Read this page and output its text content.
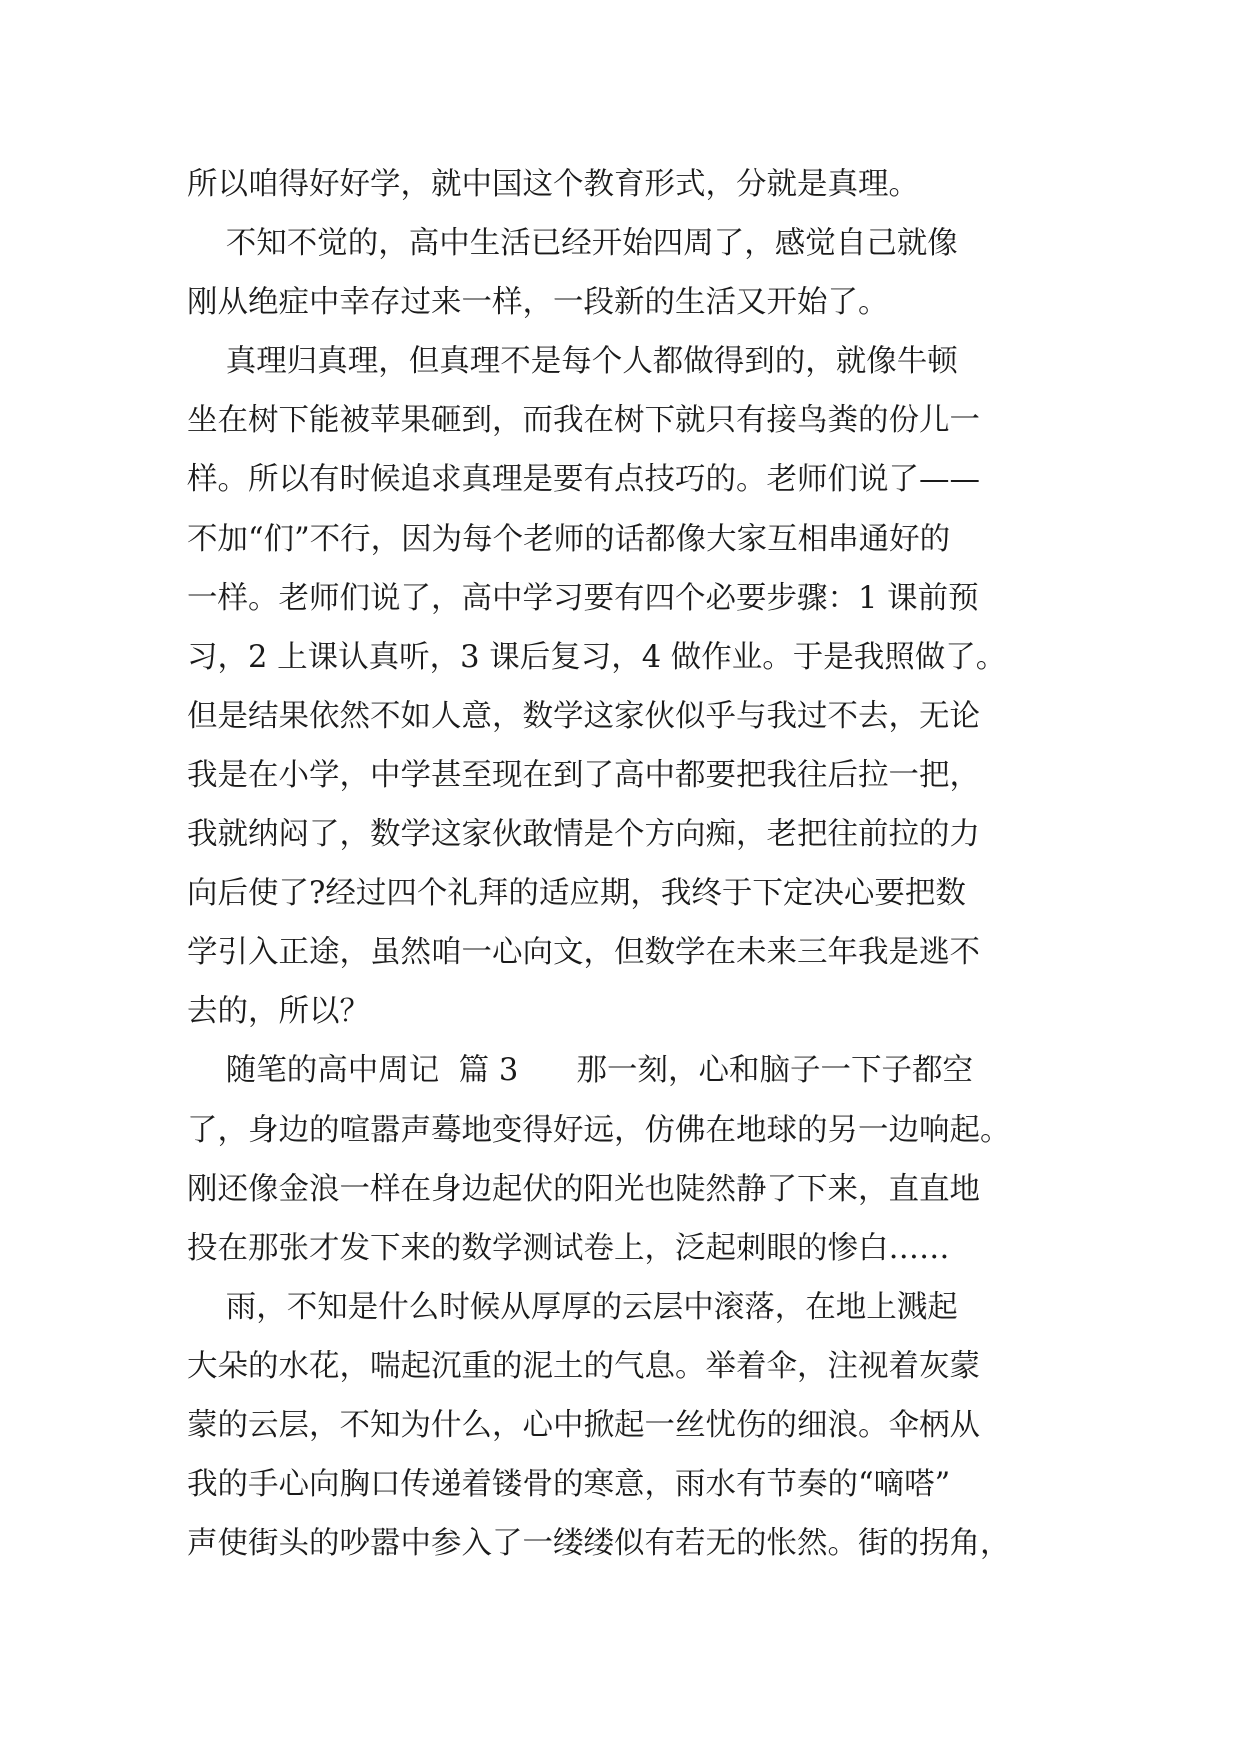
所以咱得好好学，就中国这个教育形式，分就是真理。
不知不觉的，高中生活已经开始四周了，感觉自己就像
刚从绝症中幸存过来一样，一段新的生活又开始了。
真理归真理，但真理不是每个人都做得到的，就像牛顿
坐在树下能被苹果砸到，而我在树下就只有接鸟粪的份儿一
样。所以有时候追求真理是要有点技巧的。老师们说了——
不加“们”不行，因为每个老师的话都像大家互相串通好的
一样。老师们说了，高中学习要有四个必要步骤：1 课前预
习，2 上课认真听，3 课后复习，4 做作业。于是我照做了。
但是结果依然不如人意，数学这家伙似乎与我过不去，无论
我是在小学，中学甚至现在到了高中都要把我往后拉一把，
我就纳闷了，数学这家伙敢情是个方向痴，老把往前拉的力
向后使了?经过四个礼拜的适应期，我终于下定决心要把数
学引入正途，虽然咱一心向文，但数学在未来三年我是逃不
去的，所以？
随笔的高中周记  篇 3      那一刻，心和脑子一下子都空
了，身边的喧嚣声蓦地变得好远，仿佛在地球的另一边响起。
刚还像金浪一样在身边起伏的阳光也陡然静了下来，直直地
投在那张才发下来的数学测试卷上，泛起刺眼的惨白……
雨，不知是什么时候从厚厚的云层中滚落，在地上溅起
大朵的水花，喘起沉重的泥土的气息。举着伞，注视着灰蒙
蒙的云层，不知为什么，心中掀起一丝忧伤的细浪。伞柄从
我的手心向胸口传递着镂骨的寒意，雨水有节奏的“嘀嗒”
声使街头的吵嚣中参入了一缕缕似有若无的怅然。街的拐角，
